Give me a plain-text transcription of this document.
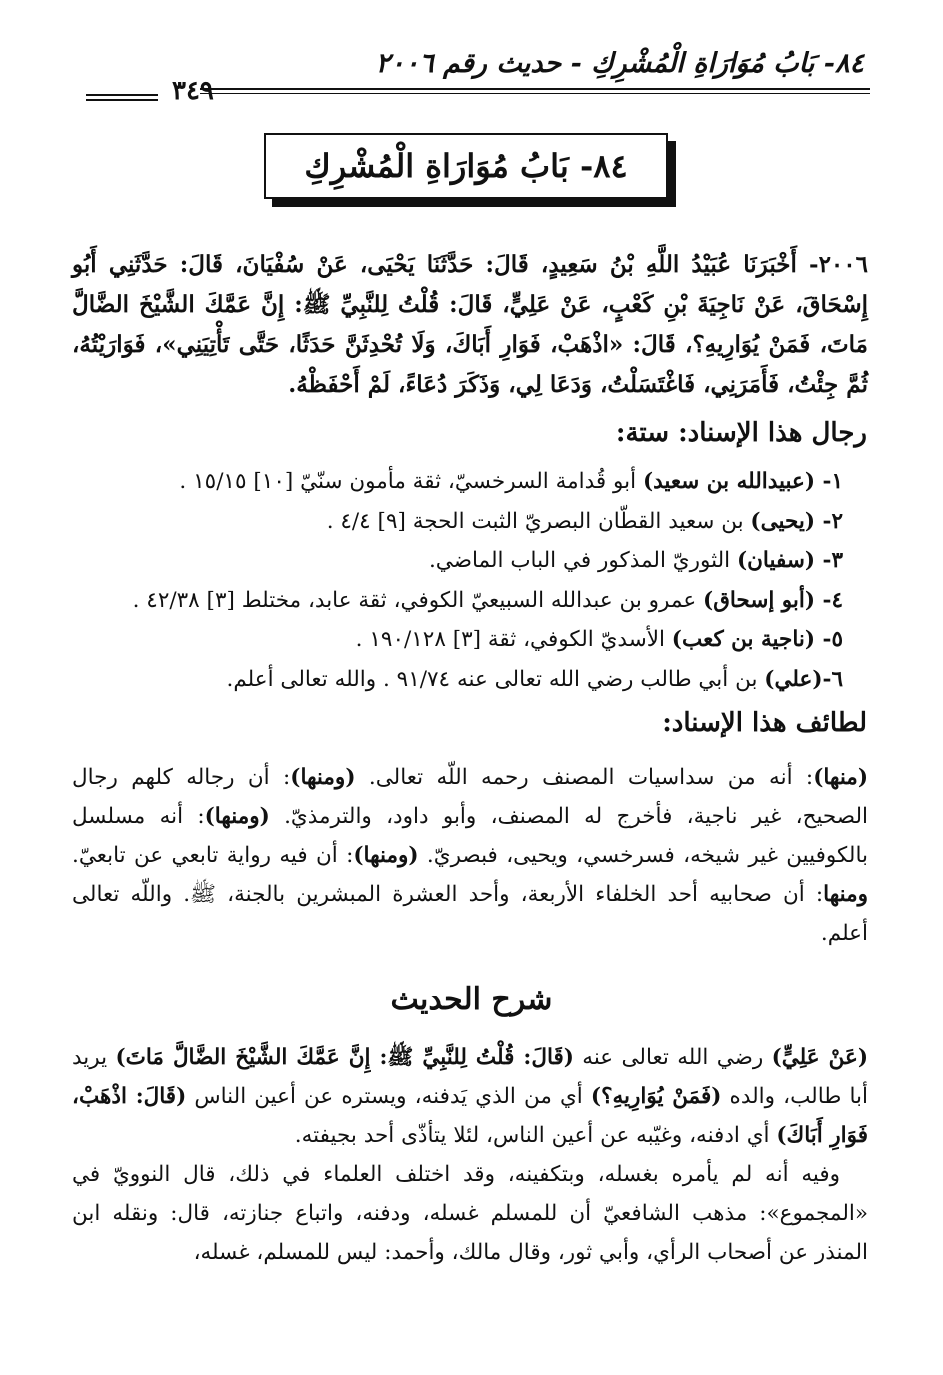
٨٤- بَابُ مُوَارَاةِ الْمُشْرِكِ - حديث رقم ٢٠٠٦
٣٤٩
٨٤- بَابُ مُوَارَاةِ الْمُشْرِكِ

٢٠٠٦- أَخْبَرَنَا عُبَيْدُ اللَّهِ بْنُ سَعِيدٍ، قَالَ: حَدَّثَنَا يَحْيَى، عَنْ سُفْيَانَ، قَالَ: حَدَّثَنِي أَبُو إِسْحَاقَ، عَنْ نَاجِيَةَ بْنِ كَعْبٍ، عَنْ عَلِيٍّ، قَالَ: قُلْتُ لِلنَّبِيِّ ﷺ: إِنَّ عَمَّكَ الشَّيْخَ الضَّالَّ مَاتَ، فَمَنْ يُوَارِيهِ؟، قَالَ: «اذْهَبْ، فَوَارِ أَبَاكَ، وَلَا تُحْدِثَنَّ حَدَثًا، حَتَّى تَأْتِيَنِي»، فَوَارَيْتُهُ، ثُمَّ جِئْتُ، فَأَمَرَنِي، فَاغْتَسَلْتُ، وَدَعَا لِي، وَذَكَرَ دُعَاءً، لَمْ أَحْفَظْهُ.

رجال هذا الإسناد: ستة:
١- (عبيدالله بن سعيد) أبو قُدامة السرخسيّ، ثقة مأمون سنّيّ [١٠] ١٥/١٥ .
٢- (يحيى) بن سعيد القطّان البصريّ الثبت الحجة [٩] ٤/٤ .
٣- (سفيان) الثوريّ المذكور في الباب الماضي.
٤- (أبو إسحاق) عمرو بن عبدالله السبيعيّ الكوفي، ثقة عابد، مختلط [٣] ٤٢/٣٨ .
٥- (ناجية بن كعب) الأسديّ الكوفي، ثقة [٣] ١٩٠/١٢٨ .
٦-(علي) بن أبي طالب رضي الله تعالى عنه ٩١/٧٤ . والله تعالى أعلم.
لطائف هذا الإسناد:

(منها): أنه من سداسيات المصنف رحمه اللّه تعالى. (ومنها): أن رجاله كلهم رجال الصحيح، غير ناجية، فأخرج له المصنف، وأبو داود، والترمذيّ. (ومنها): أنه مسلسل بالكوفيين غير شيخه، فسرخسي، ويحيى، فبصريّ. (ومنها): أن فيه رواية تابعي عن تابعيّ. ومنها: أن صحابيه أحد الخلفاء الأربعة، وأحد العشرة المبشرين بالجنة، ﷺ. واللّه تعالى أعلم.

شرح الحديث

(عَنْ عَلِيٍّ) رضي الله تعالى عنه (قَالَ: قُلْتُ لِلنَّبِيِّ ﷺ: إِنَّ عَمَّكَ الشَّيْخَ الضَّالَّ مَاتَ) يريد أبا طالب، والده (فَمَنْ يُوَارِيهِ؟) أي من الذي يَدفنه، ويستره عن أعين الناس (قَالَ: اذْهَبْ، فَوَارِ أَبَاكَ) أي ادفنه، وغيّبه عن أعين الناس، لئلا يتأذّى أحد بجيفته.

وفيه أنه لم يأمره بغسله، وبتكفينه، وقد اختلف العلماء في ذلك، قال النوويّ في «المجموع»: مذهب الشافعيّ أن للمسلم غسله، ودفنه، واتباع جنازته، قال: ونقله ابن المنذر عن أصحاب الرأي، وأبي ثور، وقال مالك، وأحمد: ليس للمسلم، غسله،
